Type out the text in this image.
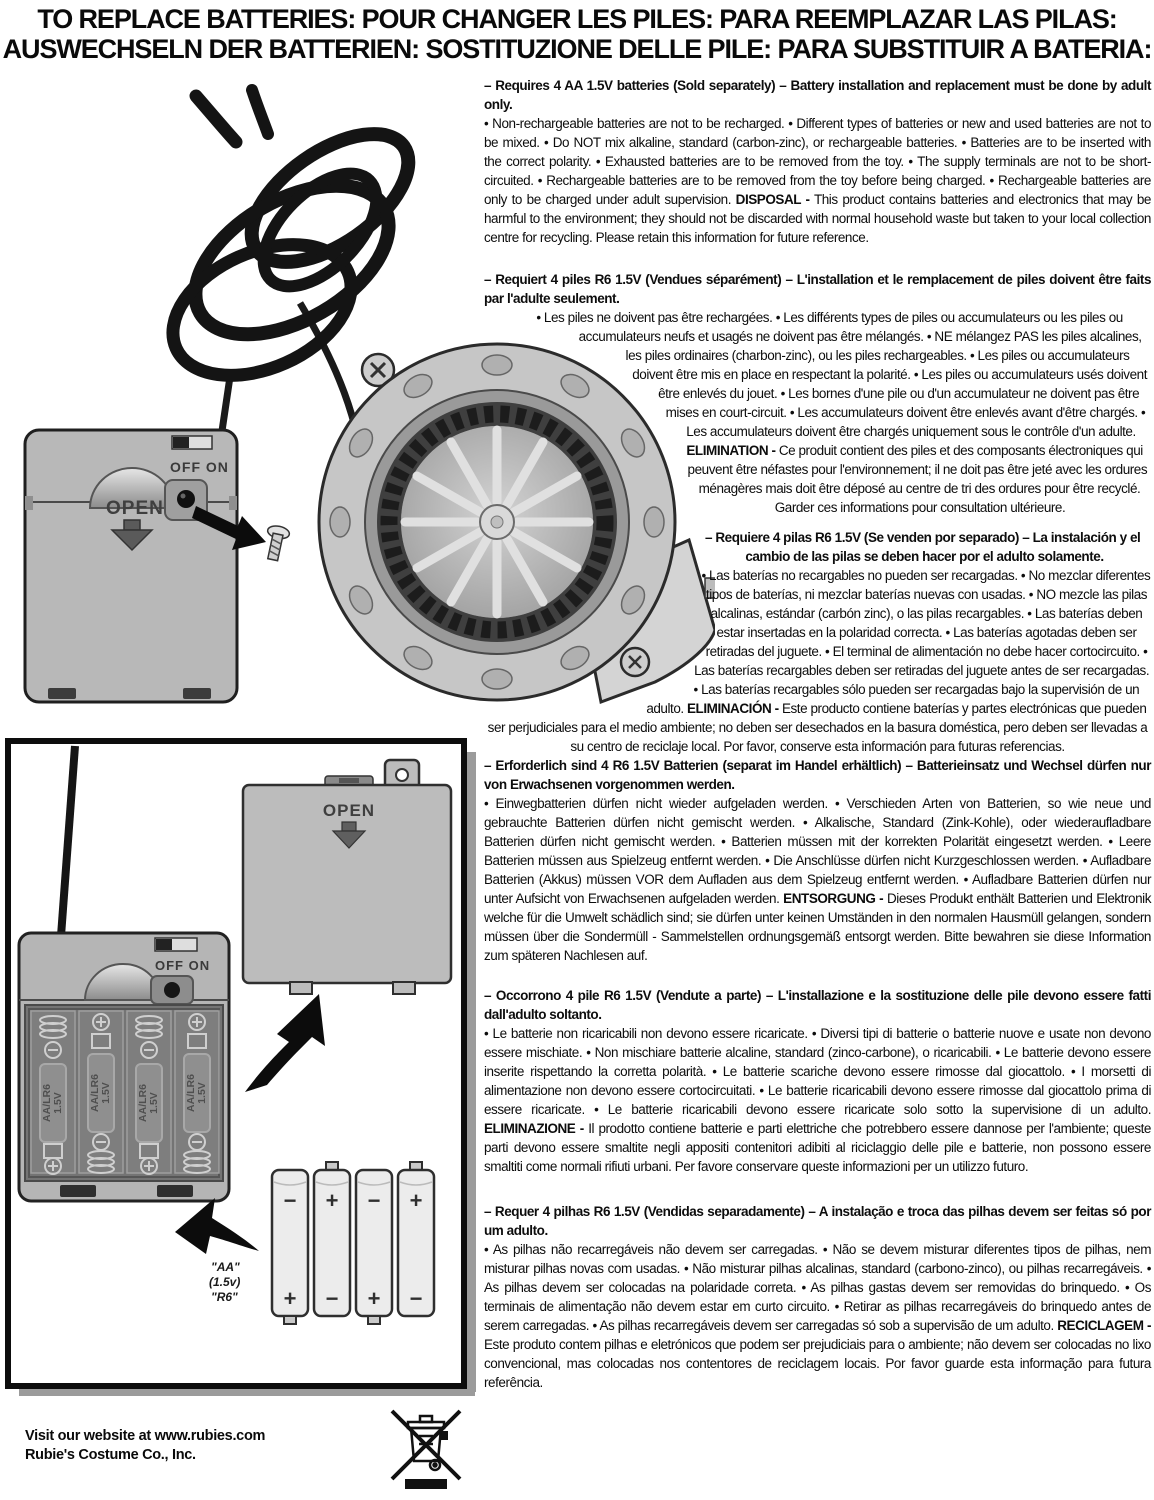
TO REPLACE BATTERIES: POUR CHANGER LES PILES: PARA REEMPLAZAR LAS PILAS:
AUSWECHSELN DER BATTERIEN: SOSTITUZIONE DELLE PILE: PARA SUBSTITUIR A BATERIA:
OFF ON
OPEN

– Requires 4 AA 1.5V batteries (Sold separately) – Battery installation and replacement must be done by adult only.

• Non-rechargeable batteries are not to be recharged. • Different types of batteries or new and used batteries are not to be mixed. • Do NOT mix alkaline, standard (carbon-zinc), or rechargeable batteries. • Batteries are to be inserted with the correct polarity. • Exhausted batteries are to be removed from the toy. • The supply terminals are not to be short-circuited. • Rechargeable batteries are to be removed from the toy before being charged. • Rechargeable batteries are only to be charged under adult supervision. DISPOSAL - This product contains batteries and electronics that may be harmful to the environment; they should not be discarded with normal household waste but taken to your local collection centre for recycling. Please retain this information for future reference.

– Requiert 4 piles R6 1.5V (Vendues séparément) – L'installation et le remplacement de piles doivent être faits par l'adulte seulement.

• Les piles ne doivent pas être rechargées. • Les différents types de piles ou accumulateurs ou les piles ou accumulateurs neufs et usagés ne doivent pas être mélangés. • NE mélangez PAS les piles alcalines, les piles ordinaires (charbon-zinc), ou les piles rechargeables. • Les piles ou accumulateurs doivent être mis en place en respectant la polarité. • Les piles ou accumulateurs usés doivent être enlevés du jouet. • Les bornes d'une pile ou d'un accumulateur ne doivent pas être mises en court-circuit. • Les accumulateurs doivent être enlevés avant d'être chargés. • Les accumulateurs doivent être chargés uniquement sous le contrôle d'un adulte. ELIMINATION - Ce produit contient des piles et des composants électroniques qui peuvent être néfastes pour l'environnement; il ne doit pas être jeté avec les ordures ménagères mais doit être déposé au centre de tri des ordures pour être recyclé. Garder ces informations pour consultation ultérieure.

– Requiere 4 pilas R6 1.5V (Se venden por separado) – La instalación y el cambio de las pilas se deben hacer por el adulto solamente.

• Las baterías no recargables no pueden ser recargadas. • No mezclar diferentes tipos de baterías, ni mezclar baterías nuevas con usadas. • NO mezcle las pilas alcalinas, estándar (carbón zinc), o las pilas recargables. • Las baterías deben estar insertadas en la polaridad correcta. • Las baterías agotadas deben ser retiradas del juguete. • El terminal de alimentación no debe hacer cortocircuito. • Las baterías recargables deben ser retiradas del juguete antes de ser recargadas. • Las baterías recargables sólo pueden ser recargadas bajo la supervisión de un adulto. ELIMINACIÓN - Este producto contiene baterías y partes electrónicas que pueden ser perjudiciales para el medio ambiente; no deben ser desechados en la basura doméstica, pero deben ser llevadas a su centro de reciclaje local. Por favor, conserve esta información para futuras referencias.

– Erforderlich sind 4 R6 1.5V Batterien (separat im Handel erhältlich) – Batterieinsatz und Wechsel dürfen nur von Erwachsenen vorgenommen werden.

• Einwegbatterien dürfen nicht wieder aufgeladen werden. • Verschieden Arten von Batterien, so wie neue und gebrauchte Batterien dürfen nicht gemischt werden. • Alkalische, Standard (Zink-Kohle), oder wiederaufladbare Batterien dürfen nicht gemischt werden. • Batterien müssen mit der korrekten Polarität eingesetzt werden. • Leere Batterien müssen aus Spielzeug entfernt werden. • Die Anschlüsse dürfen nicht Kurzgeschlossen werden. • Aufladbare Batterien (Akkus) müssen VOR dem Aufladen aus dem Spielzeug entfernt werden. • Aufladbare Batterien dürfen nur unter Aufsicht von Erwachsenen aufgeladen werden. ENTSORGUNG - Dieses Produkt enthält Batterien und Elektronik welche für die Umwelt schädlich sind; sie dürfen unter keinen Umständen in den normalen Hausmüll gelangen, sondern müssen über die Sondermüll - Sammelstellen ordnungsgemäß entsorgt werden. Bitte bewahren sie diese Information zum späteren Nachlesen auf.

– Occorrono 4 pile R6 1.5V (Vendute a parte) – L'installazione e la sostituzione delle pile devono essere fatti dall'adulto soltanto.

• Le batterie non ricaricabili non devono essere ricaricate. • Diversi tipi di batterie o batterie nuove e usate non devono essere mischiate. • Non mischiare batterie alcaline, standard (zinco-carbone), o ricaricabili. • Le batterie devono essere inserite rispettando la corretta polarità. • Le batterie scariche devono essere rimosse dal giocattolo. • I morsetti di alimentazione non devono essere cortocircuitati. • Le batterie ricaricabili devono essere rimosse dal giocattolo prima di essere ricaricate. • Le batterie ricaricabili devono essere ricaricate solo sotto la supervisione di un adulto. ELIMINAZIONE - Il prodotto contiene batterie e parti elettriche che potrebbero essere dannose per l'ambiente; queste parti devono essere smaltite negli appositi contenitori adibiti al riciclaggio delle pile e batterie, non possono essere smaltiti come normali rifiuti urbani. Per favore conservare queste informazioni per un utilizzo futuro.

– Requer 4 pilhas R6 1.5V (Vendidas separadamente) – A instalação e troca das pilhas devem ser feitas só por um adulto.

• As pilhas não recarregáveis não devem ser carregadas. • Não se devem misturar diferentes tipos de pilhas, nem misturar pilhas novas com usadas. • Não misturar pilhas alcalinas, standard (carbono-zinco), ou pilhas recarregáveis. • As pilhas devem ser colocadas na polaridade correta. • As pilhas gastas devem ser removidas do brinquedo. • Os terminais de alimentação não devem estar em curto circuito. • Retirar as pilhas recarregáveis do brinquedo antes de serem carregadas. • As pilhas recarregáveis devem ser carregadas só sob a supervisão de um adulto. RECICLAGEM - Este produto contem pilhas e eletrónicos que podem ser prejudiciais para o ambiente; não devem ser colocadas no lixo convencional, mas colocadas nos contentores de reciclagem locais. Por favor guarde esta informação para futura referência.

OFF ON
AA/LR6 1.5V AA/LR6 1.5V AA/LR6 1.5V AA/LR6 1.5V
OPEN
−
+
+
−
−
+
+
−
"AA"
(1.5v)
"R6"
Visit our website at www.rubies.com
Rubie's Costume Co., Inc.
